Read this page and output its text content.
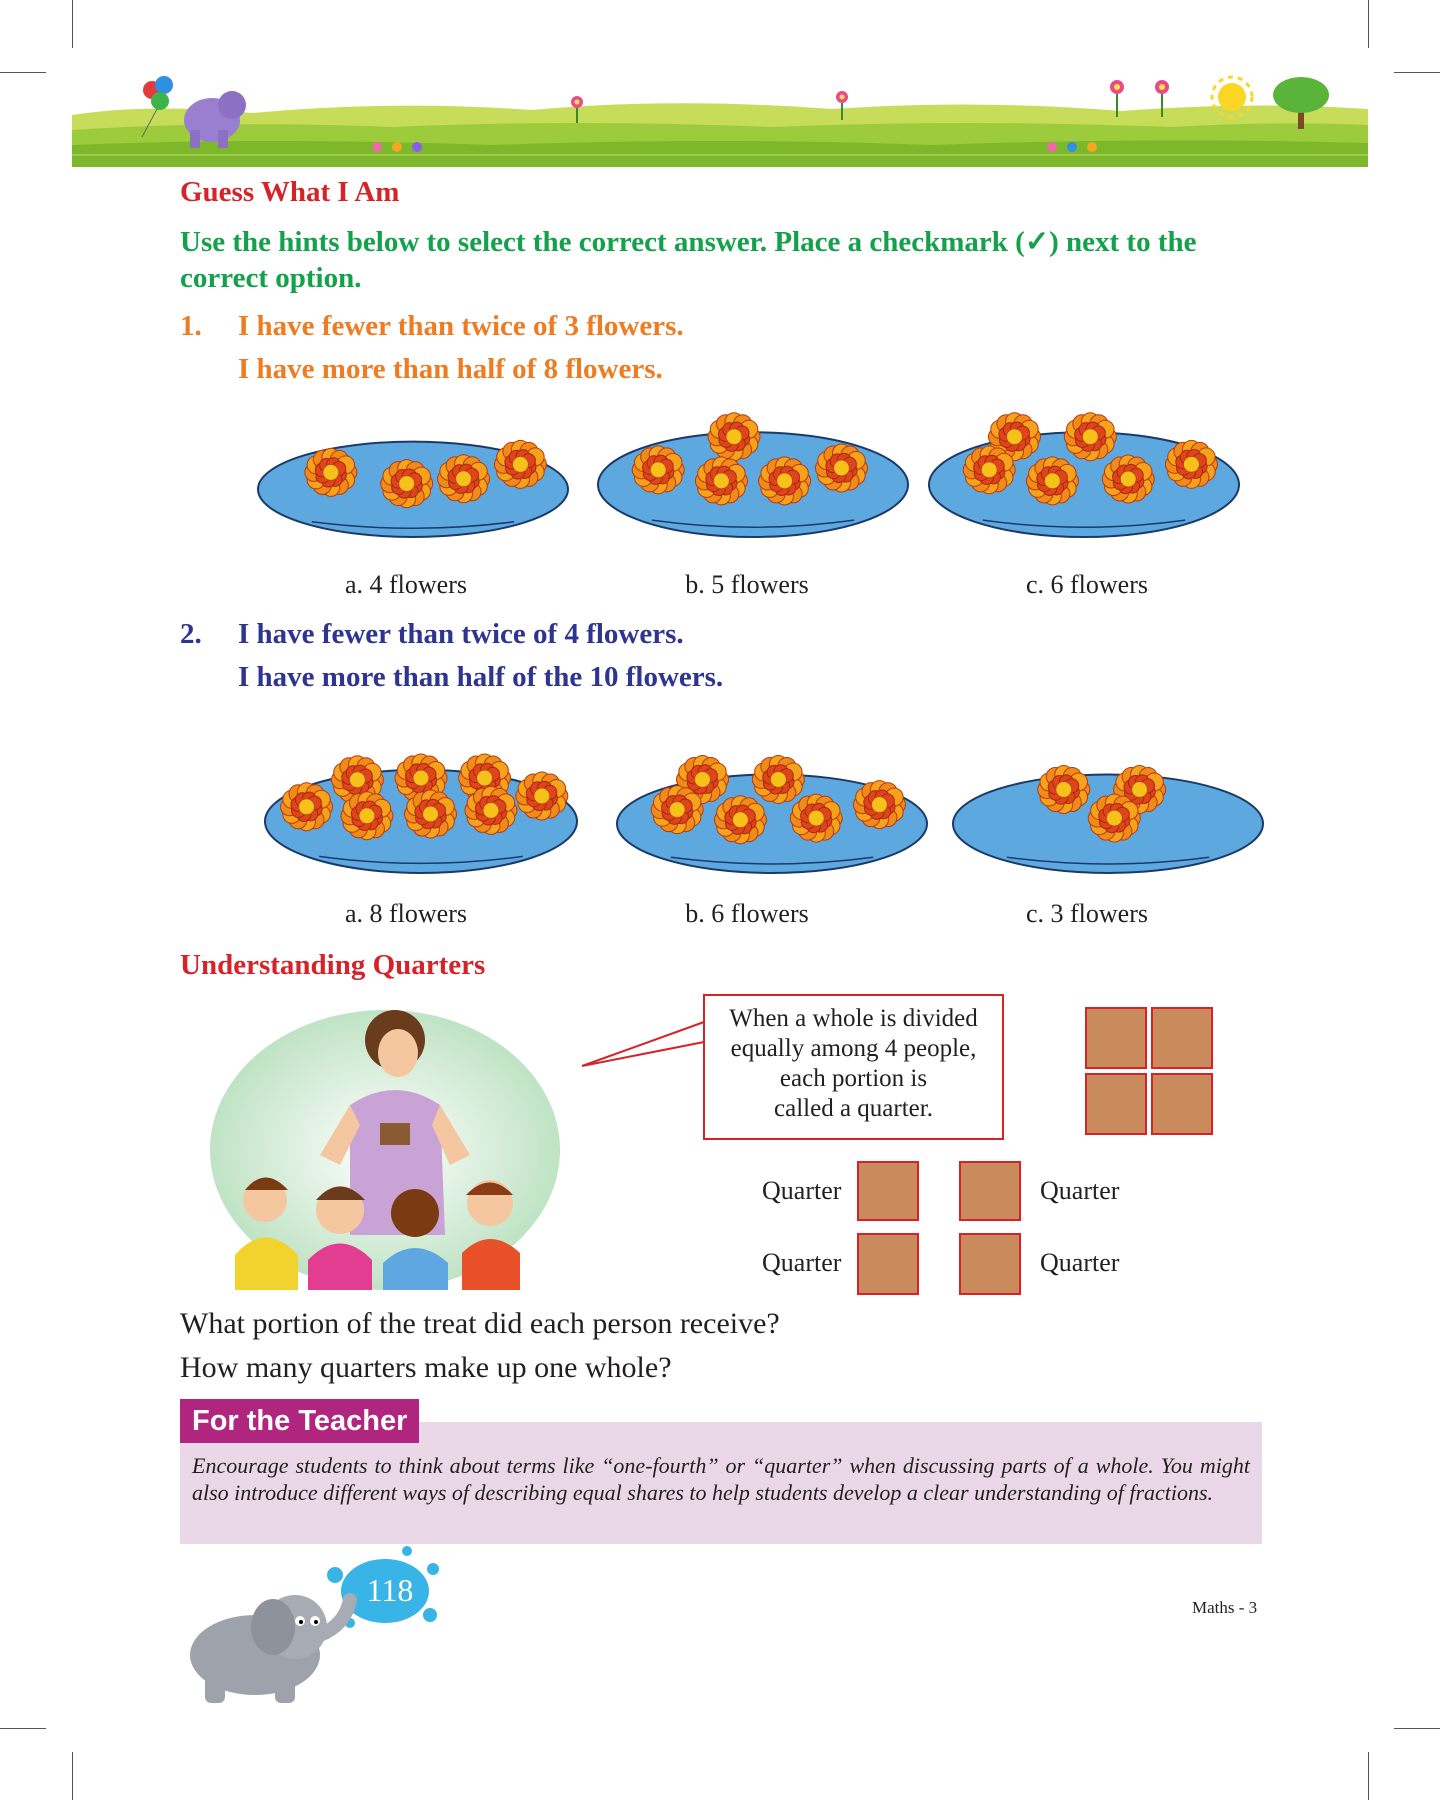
Guess What I Am
Use the hints below to select the correct answer. Place a checkmark (✓) next to the correct option.
1.	I have fewer than twice of 3 flowers.
I have more than half of 8 flowers.
a. 4 flowers	b. 5 flowers	c. 6 flowers
2.	I have fewer than twice of 4 flowers.
I have more than half of the 10 flowers.
a. 8 flowers	b. 6 flowers	c. 3 flowers
Understanding Quarters
When a whole is divided
equally among 4 people,
each portion is
called a quarter.
Quarter	Quarter
Quarter	Quarter
What portion of the treat did each person receive?
How many quarters make up one whole?
Encourage students to think about terms like “one-fourth” or “quarter” when discussing parts of a whole. You might also introduce different ways of describing equal shares to help students develop a clear understanding of fractions.
For the Teacher
118	Maths - 3
